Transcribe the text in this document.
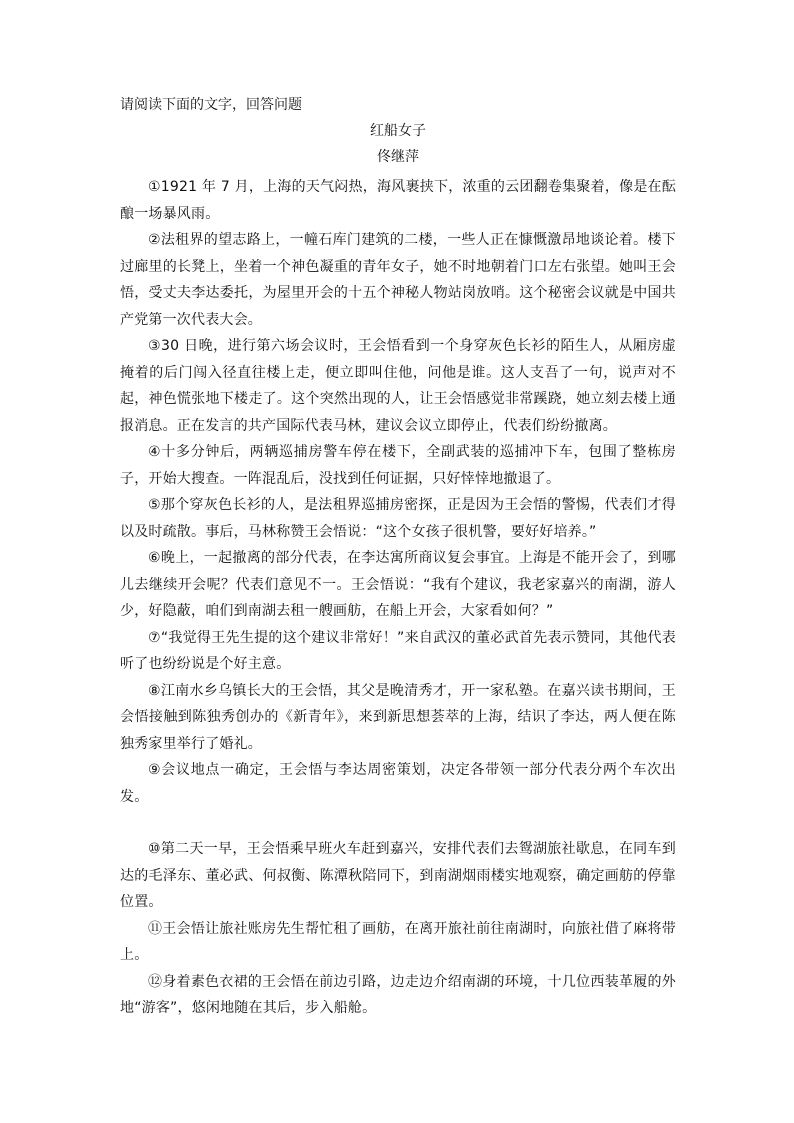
请阅读下面的文字，回答问题
红船女子
佟继萍

①1921 年 7 月，上海的天气闷热，海风裹挟下，浓重的云团翻卷集聚着，像是在酝酿一场暴风雨。

②法租界的望志路上，一幢石库门建筑的二楼，一些人正在慷慨激昂地谈论着。楼下过廊里的长凳上，坐着一个神色凝重的青年女子，她不时地朝着门口左右张望。她叫王会悟，受丈夫李达委托，为屋里开会的十五个神秘人物站岗放哨。这个秘密会议就是中国共产党第一次代表大会。

③30 日晚，进行第六场会议时，王会悟看到一个身穿灰色长衫的陌生人，从厢房虚掩着的后门闯入径直往楼上走，便立即叫住他，问他是谁。这人支吾了一句，说声对不起，神色慌张地下楼走了。这个突然出现的人，让王会悟感觉非常蹊跷，她立刻去楼上通报消息。正在发言的共产国际代表马林，建议会议立即停止，代表们纷纷撤离。

④十多分钟后，两辆巡捕房警车停在楼下，全副武装的巡捕冲下车，包围了整栋房子，开始大搜查。一阵混乱后，没找到任何证据，只好悻悻地撤退了。

⑤那个穿灰色长衫的人，是法租界巡捕房密探，正是因为王会悟的警惕，代表们才得以及时疏散。事后，马林称赞王会悟说：“这个女孩子很机警，要好好培养。”

⑥晚上，一起撤离的部分代表，在李达寓所商议复会事宜。上海是不能开会了，到哪儿去继续开会呢？代表们意见不一。王会悟说：“我有个建议，我老家嘉兴的南湖，游人少，好隐蔽，咱们到南湖去租一艘画舫，在船上开会，大家看如何？”

⑦“我觉得王先生提的这个建议非常好！”来自武汉的董必武首先表示赞同，其他代表听了也纷纷说是个好主意。

⑧江南水乡乌镇长大的王会悟，其父是晚清秀才，开一家私塾。在嘉兴读书期间，王会悟接触到陈独秀创办的《新青年》，来到新思想荟萃的上海，结识了李达，两人便在陈独秀家里举行了婚礼。

⑨会议地点一确定，王会悟与李达周密策划，决定各带领一部分代表分两个车次出发。

⑩第二天一早，王会悟乘早班火车赶到嘉兴，安排代表们去鸳湖旅社歇息，在同车到达的毛泽东、董必武、何叔衡、陈潭秋陪同下，到南湖烟雨楼实地观察，确定画舫的停靠位置。

⑪王会悟让旅社账房先生帮忙租了画舫，在离开旅社前往南湖时，向旅社借了麻将带上。

⑫身着素色衣裙的王会悟在前边引路，边走边介绍南湖的环境，十几位西装革履的外地“游客”，悠闲地随在其后，步入船舱。
